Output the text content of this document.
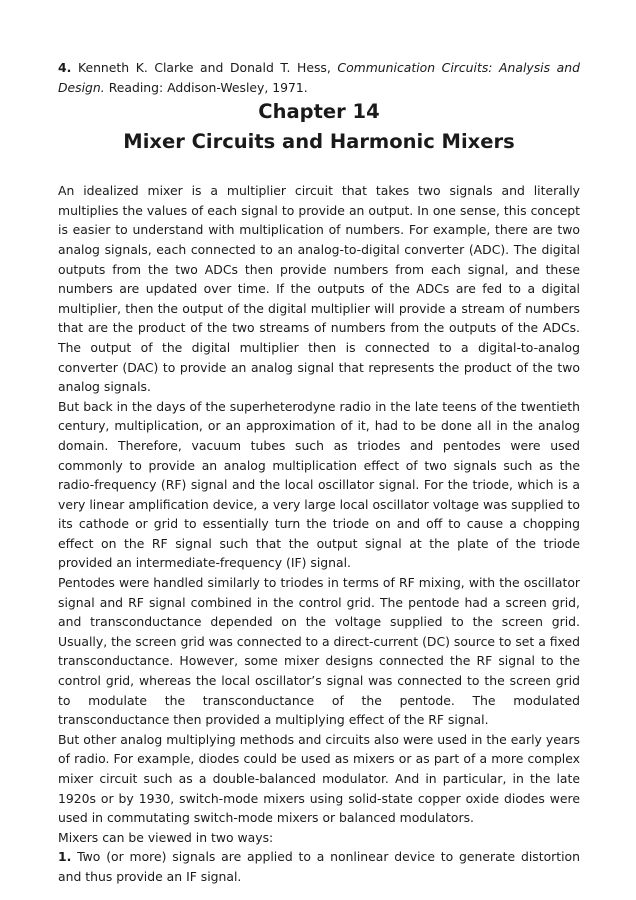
4. Kenneth K. Clarke and Donald T. Hess, Communication Circuits: Analysis and Design. Reading: Addison-Wesley, 1971.

Chapter 14
Mixer Circuits and Harmonic Mixers

An idealized mixer is a multiplier circuit that takes two signals and literally multiplies the values of each signal to provide an output. In one sense, this concept is easier to understand with multiplication of numbers. For example, there are two analog signals, each connected to an analog-to-digital converter (ADC). The digital outputs from the two ADCs then provide numbers from each signal, and these numbers are updated over time. If the outputs of the ADCs are fed to a digital multiplier, then the output of the digital multiplier will provide a stream of numbers that are the product of the two streams of numbers from the outputs of the ADCs. The output of the digital multiplier then is connected to a digital-to-analog converter (DAC) to provide an analog signal that represents the product of the two analog signals.

But back in the days of the superheterodyne radio in the late teens of the twentieth century, multiplication, or an approximation of it, had to be done all in the analog domain. Therefore, vacuum tubes such as triodes and pentodes were used commonly to provide an analog multiplication effect of two signals such as the radio-frequency (RF) signal and the local oscillator signal. For the triode, which is a very linear amplification device, a very large local oscillator voltage was supplied to its cathode or grid to essentially turn the triode on and off to cause a chopping effect on the RF signal such that the output signal at the plate of the triode provided an intermediate-frequency (IF) signal.

Pentodes were handled similarly to triodes in terms of RF mixing, with the oscillator signal and RF signal combined in the control grid. The pentode had a screen grid, and transconductance depended on the voltage supplied to the screen grid. Usually, the screen grid was connected to a direct-current (DC) source to set a fixed transconductance. However, some mixer designs connected the RF signal to the control grid, whereas the local oscillator’s signal was connected to the screen grid to modulate the transconductance of the pentode. The modulated transconductance then provided a multiplying effect of the RF signal.

But other analog multiplying methods and circuits also were used in the early years of radio. For example, diodes could be used as mixers or as part of a more complex mixer circuit such as a double-balanced modulator. And in particular, in the late 1920s or by 1930, switch-mode mixers using solid-state copper oxide diodes were used in commutating switch-mode mixers or balanced modulators.

Mixers can be viewed in two ways:

1. Two (or more) signals are applied to a nonlinear device to generate distortion and thus provide an IF signal.
